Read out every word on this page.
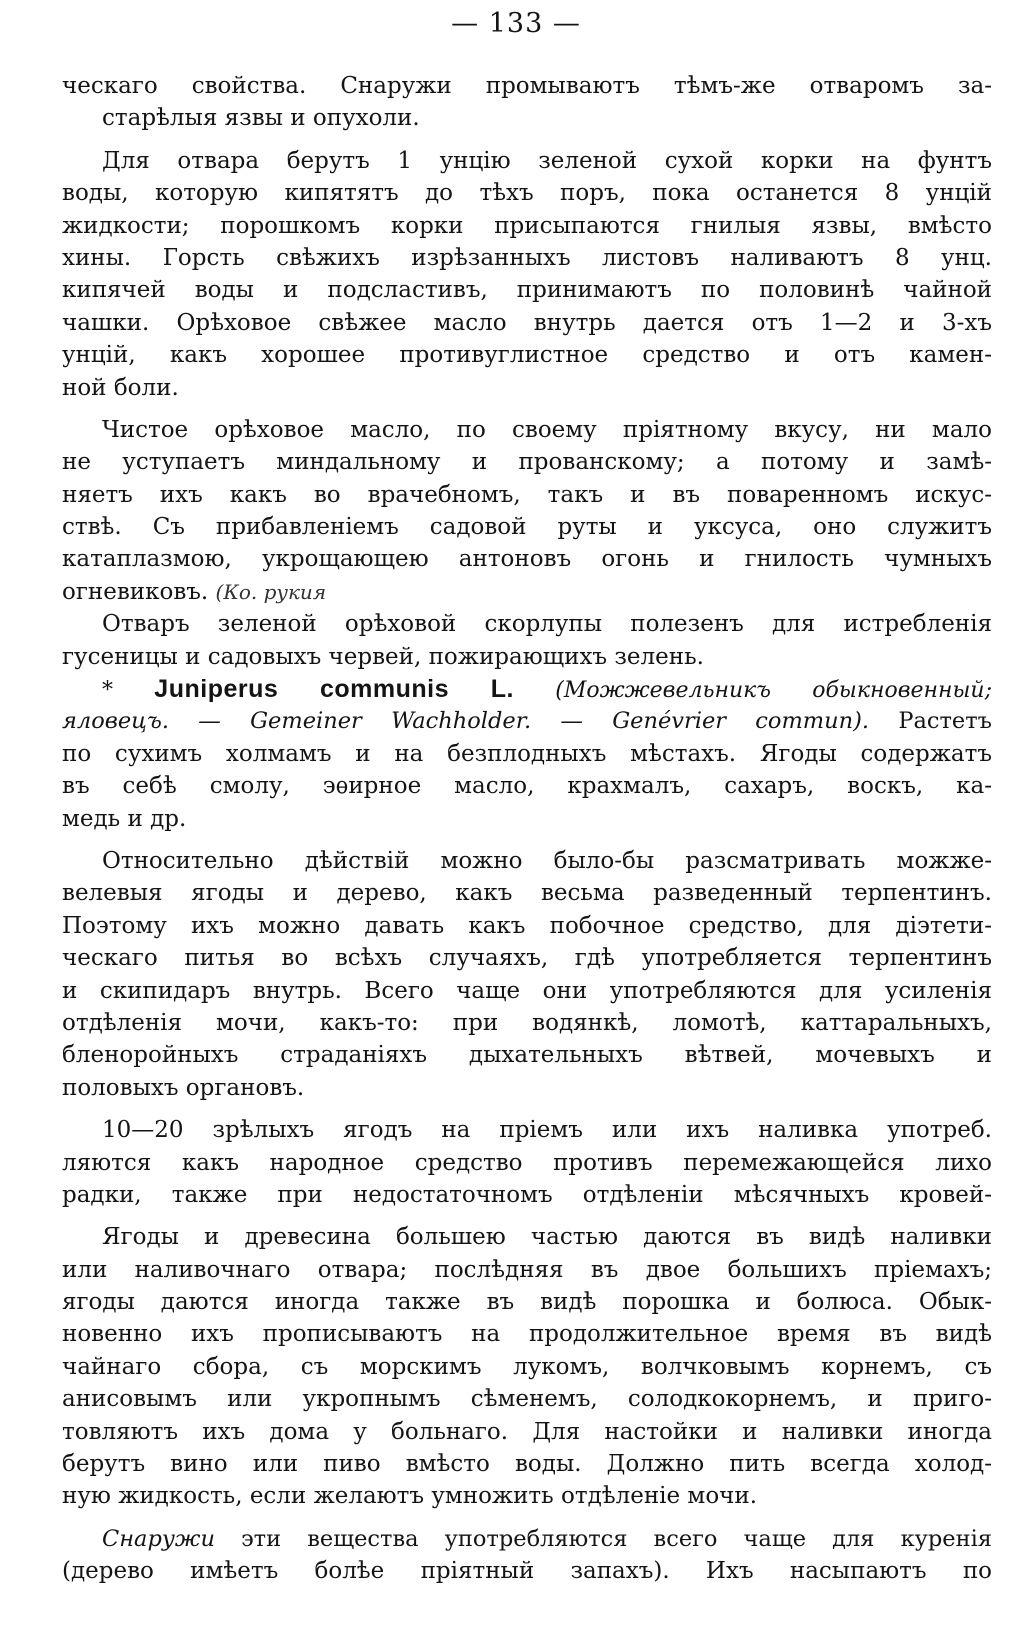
— 133 —

ческаго свойства. Снаружи промываютъ тѣмъ-же отваромъ за-
старѣлыя язвы и опухоли.
Для отвара берутъ 1 унцію зеленой сухой корки на фунтъ
воды, которую кипятятъ до тѣхъ поръ, пока останется 8 унцій
жидкости; порошкомъ корки присыпаются гнилыя язвы, вмѣсто
хины. Горсть свѣжихъ изрѣзанныхъ листовъ наливаютъ 8 унц.
кипячей воды и подсластивъ, принимаютъ по половинѣ чайной
чашки. Орѣховое свѣжее масло внутрь дается отъ 1—2 и 3-хъ
унцій, какъ хорошее противуглистное средство и отъ камен-
ной боли.
Чистое орѣховое масло, по своему пріятному вкусу, ни мало
не уступаетъ миндальному и прованскому; а потому и замѣ-
няетъ ихъ какъ во врачебномъ, такъ и въ поваренномъ искус-
ствѣ. Съ прибавленіемъ садовой руты и уксуса, оно служитъ
катаплазмою, укрощающею антоновъ огонь и гнилость чумныхъ
огневиковъ. (Ко. рукия
Отваръ зеленой орѣховой скорлупы полезенъ для истребленія
гусеницы и садовыхъ червей, пожирающихъ зелень.
* Juniperus communis L. (Можжевельникъ обыкновенный;
яловецъ. — Gemeiner Wachholder. — Genévrier commun). Растетъ
по сухимъ холмамъ и на безплодныхъ мѣстахъ. Ягоды содержатъ
въ себѣ смолу, эѳирное масло, крахмалъ, сахаръ, воскъ, ка-
медь и др.
Относительно дѣйствій можно было-бы разсматривать можже-
велевыя ягоды и дерево, какъ весьма разведенный терпентинъ.
Поэтому ихъ можно давать какъ побочное средство, для діэтети-
ческаго питья во всѣхъ случаяхъ, гдѣ употребляется терпентинъ
и скипидаръ внутрь. Всего чаще они употребляются для усиленія
отдѣленія мочи, какъ-то: при водянкѣ, ломотѣ, каттаральныхъ,
бленоройныхъ страданіяхъ дыхательныхъ вѣтвей, мочевыхъ и
половыхъ органовъ.
10—20 зрѣлыхъ ягодъ на пріемъ или ихъ наливка употреб.
ляются какъ народное средство противъ перемежающейся лихо
радки, также при недостаточномъ отдѣленіи мѣсячныхъ кровей-
Ягоды и древесина большею частью даются въ видѣ наливки
или наливочнаго отвара; послѣдняя въ двое большихъ пріемахъ;
ягоды даются иногда также въ видѣ порошка и болюса. Обык-
новенно ихъ прописываютъ на продолжительное время въ видѣ
чайнаго сбора, съ морскимъ лукомъ, волчковымъ корнемъ, съ
анисовымъ или укропнымъ сѣменемъ, солодкокорнемъ, и приго-
товляютъ ихъ дома у больнаго. Для настойки и наливки иногда
берутъ вино или пиво вмѣсто воды. Должно пить всегда холод-
ную жидкость, если желаютъ умножить отдѣленіе мочи.
Снаружи эти вещества употребляются всего чаще для куренія
(дерево имѣетъ болѣе пріятный запахъ). Ихъ насыпаютъ по
